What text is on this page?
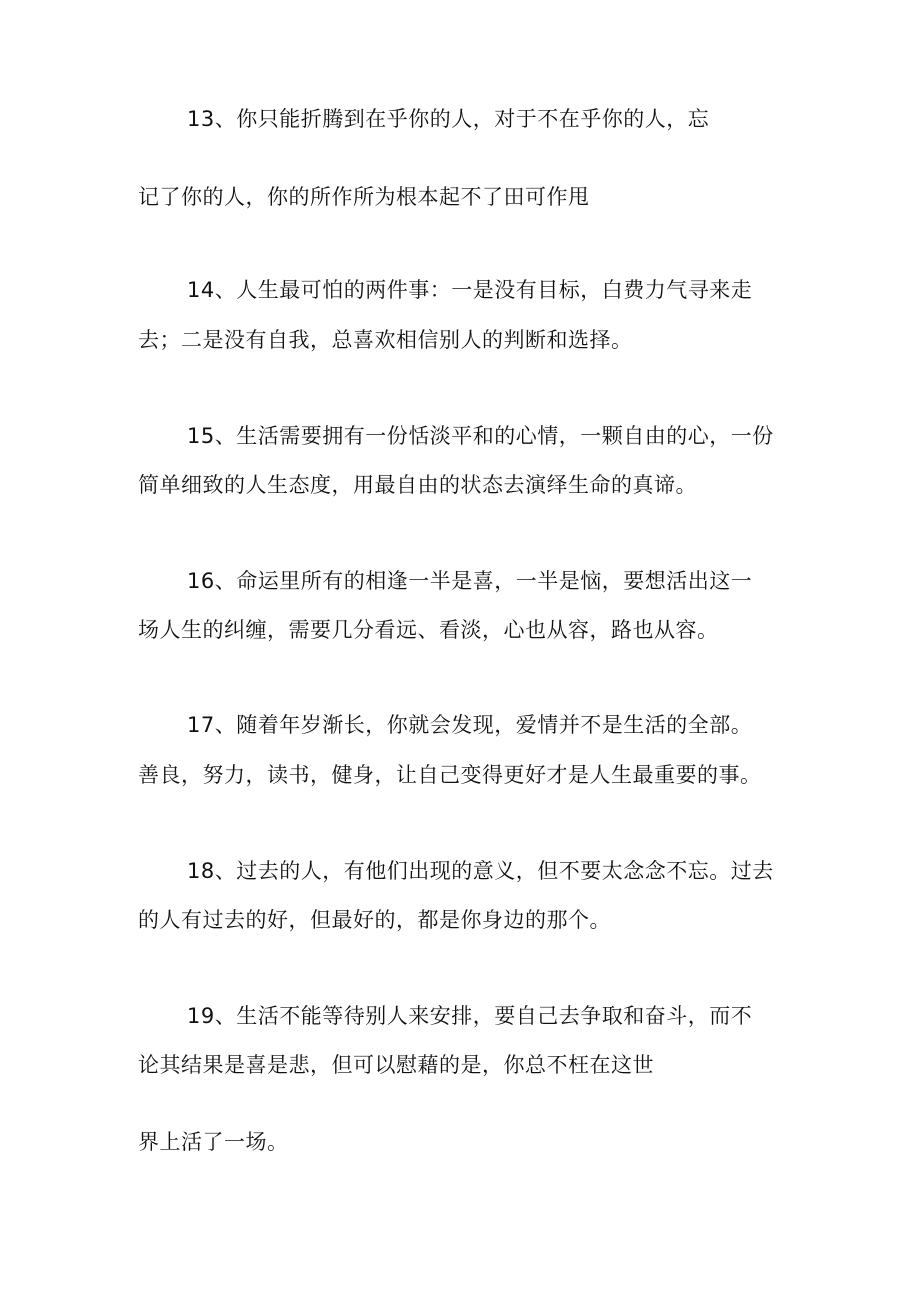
13、你只能折腾到在乎你的人，对于不在乎你的人，忘
记了你的人，你的所作所为根本起不了田可作甩
14、人生最可怕的两件事：一是没有目标，白费力气寻来走
去；二是没有自我，总喜欢相信别人的判断和选择。
15、生活需要拥有一份恬淡平和的心情，一颗自由的心，一份
简单细致的人生态度，用最自由的状态去演绎生命的真谛。
16、命运里所有的相逢一半是喜，一半是恼，要想活出这一
场人生的纠缠，需要几分看远、看淡，心也从容，路也从容。
17、随着年岁渐长，你就会发现，爱情并不是生活的全部。
善良，努力，读书，健身，让自己变得更好才是人生最重要的事。
18、过去的人，有他们出现的意义，但不要太念念不忘。过去
的人有过去的好，但最好的，都是你身边的那个。
19、生活不能等待别人来安排，要自己去争取和奋斗，而不
论其结果是喜是悲，但可以慰藉的是，你总不枉在这世
界上活了一场。
